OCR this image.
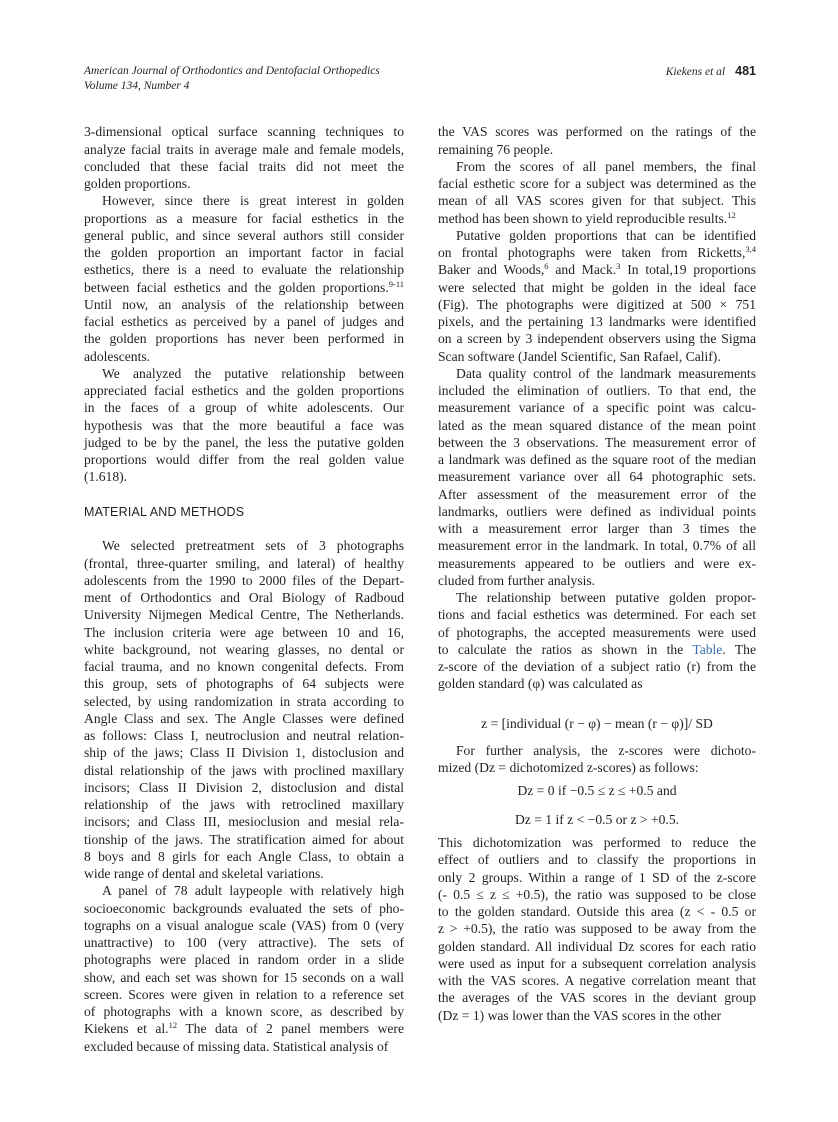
American Journal of Orthodontics and Dentofacial Orthopedics
Volume 134, Number 4
Kiekens et al 481
3-dimensional optical surface scanning techniques to
analyze facial traits in average male and female models,
concluded that these facial traits did not meet the
golden proportions.
However, since there is great interest in golden
proportions as a measure for facial esthetics in the
general public, and since several authors still consider
the golden proportion an important factor in facial
esthetics, there is a need to evaluate the relationship
between facial esthetics and the golden proportions.$^{9-11}$
Until now, an analysis of the relationship between
facial esthetics as perceived by a panel of judges and
the golden proportions has never been performed in
adolescents.
We analyzed the putative relationship between
appreciated facial esthetics and the golden proportions
in the faces of a group of white adolescents. Our
hypothesis was that the more beautiful a face was
judged to be by the panel, the less the putative golden
proportions would differ from the real golden value
(1.618).
MATERIAL AND METHODS
We selected pretreatment sets of 3 photographs
(frontal, three-quarter smiling, and lateral) of healthy
adolescents from the 1990 to 2000 files of the Depart-
ment of Orthodontics and Oral Biology of Radboud
University Nijmegen Medical Centre, The Netherlands.
The inclusion criteria were age between 10 and 16,
white background, not wearing glasses, no dental or
facial trauma, and no known congenital defects. From
this group, sets of photographs of 64 subjects were
selected, by using randomization in strata according to
Angle Class and sex. The Angle Classes were defined
as follows: Class I, neutroclusion and neutral relation-
ship of the jaws; Class II Division 1, distoclusion and
distal relationship of the jaws with proclined maxillary
incisors; Class II Division 2, distoclusion and distal
relationship of the jaws with retroclined maxillary
incisors; and Class III, mesioclusion and mesial rela-
tionship of the jaws. The stratification aimed for about
8 boys and 8 girls for each Angle Class, to obtain a
wide range of dental and skeletal variations.
A panel of 78 adult laypeople with relatively high
socioeconomic backgrounds evaluated the sets of pho-
tographs on a visual analogue scale (VAS) from 0 (very
unattractive) to 100 (very attractive). The sets of
photographs were placed in random order in a slide
show, and each set was shown for 15 seconds on a wall
screen. Scores were given in relation to a reference set
of photographs with a known score, as described by
Kiekens et al.$^{12}$ The data of 2 panel members were
excluded because of missing data. Statistical analysis of
the VAS scores was performed on the ratings of the
remaining 76 people.
From the scores of all panel members, the final
facial esthetic score for a subject was determined as the
mean of all VAS scores given for that subject. This
method has been shown to yield reproducible results.$^{12}$
Putative golden proportions that can be identified
on frontal photographs were taken from Ricketts,$^{3,4}$
Baker and Woods,$^6$ and Mack.$^3$ In total,19 proportions
were selected that might be golden in the ideal face
(Fig). The photographs were digitized at 500 × 751
pixels, and the pertaining 13 landmarks were identified
on a screen by 3 independent observers using the Sigma
Scan software (Jandel Scientific, San Rafael, Calif).
Data quality control of the landmark measurements
included the elimination of outliers. To that end, the
measurement variance of a specific point was calcu-
lated as the mean squared distance of the mean point
between the 3 observations. The measurement error of
a landmark was defined as the square root of the median
measurement variance over all 64 photographic sets.
After assessment of the measurement error of the
landmarks, outliers were defined as individual points
with a measurement error larger than 3 times the
measurement error in the landmark. In total, 0.7% of all
measurements appeared to be outliers and were ex-
cluded from further analysis.
The relationship between putative golden propor-
tions and facial esthetics was determined. For each set
of photographs, the accepted measurements were used
to calculate the ratios as shown in the Table. The
z-score of the deviation of a subject ratio (r) from the
golden standard (φ) was calculated as
z = [individual (r − φ) − mean (r − φ)]/ SD
For further analysis, the z-scores were dichoto-
mized (Dz = dichotomized z-scores) as follows:
Dz = 0 if −0.5 ≤ z ≤ +0.5 and
Dz = 1 if z < −0.5 or z > +0.5.
This dichotomization was performed to reduce the
effect of outliers and to classify the proportions in
only 2 groups. Within a range of 1 SD of the z-score
(- 0.5 ≤ z ≤ +0.5), the ratio was supposed to be close
to the golden standard. Outside this area (z < - 0.5 or
z > +0.5), the ratio was supposed to be away from the
golden standard. All individual Dz scores for each ratio
were used as input for a subsequent correlation analysis
with the VAS scores. A negative correlation meant that
the averages of the VAS scores in the deviant group
(Dz = 1) was lower than the VAS scores in the other
